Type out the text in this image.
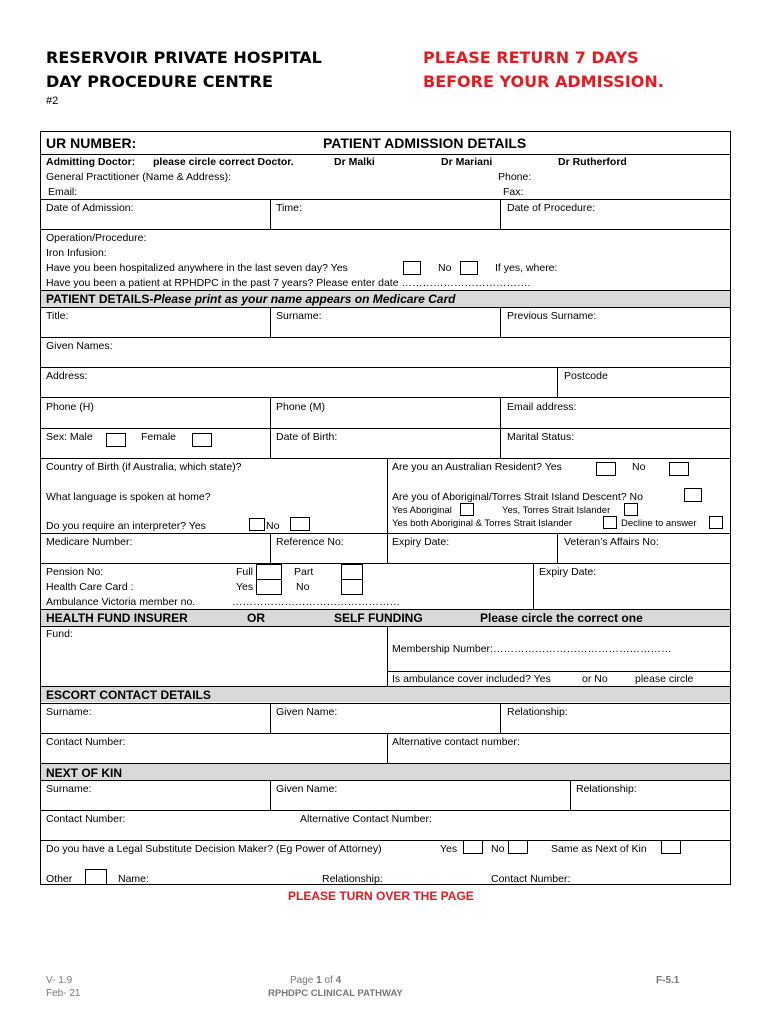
RESERVOIR PRIVATE HOSPITAL
DAY PROCEDURE CENTRE
#2
PLEASE RETURN 7 DAYS
BEFORE YOUR ADMISSION.
UR NUMBER:	PATIENT ADMISSION DETAILS
Admitting Doctor: please circle correct Doctor.	Dr Malki	Dr Mariani	Dr Rutherford
General Practitioner (Name & Address):	Phone:
Email:	Fax:
Date of Admission:	Time:	Date of Procedure:
Operation/Procedure:
Iron Infusion:
Have you been hospitalized anywhere in the last seven day? Yes	No	If yes, where:
Have you been a patient at RPHDPC in the past 7 years? Please enter date ……………………………….
PATIENT DETAILS-Please print as your name appears on Medicare Card
Title:	Surname:	Previous Surname:
Given Names:
Address:	Postcode
Phone (H)	Phone (M)	Email address:
Sex: Male	Female	Date of Birth:	Marital Status:
Country of Birth (if Australia, which state)?	Are you an Australian Resident? Yes	No
What language is spoken at home?	Are you of Aboriginal/Torres Strait Island Descent? No
Yes Aboriginal	Yes, Torres Strait Islander
Yes both Aboriginal & Torres Strait Islander	Decline to answer
Do you require an interpreter? Yes	No
Medicare Number:	Reference No:	Expiry Date:	Veteran’s Affairs No:
Pension No:	Full	Part	Expiry Date:
Health Care Card :	Yes	No
Ambulance Victoria member no.	…………………………………………
HEALTH FUND INSURER	OR	SELF FUNDING	Please circle the correct one
Fund:
Membership Number:……………………………………………
Is ambulance cover included? Yes	or No	please circle
ESCORT CONTACT DETAILS
Surname:	Given Name:	Relationship:
Contact Number:	Alternative contact number:
NEXT OF KIN
Surname:	Given Name:	Relationship:
Contact Number:	Alternative Contact Number:
Do you have a Legal Substitute Decision Maker? (Eg Power of Attorney)	Yes	No	Same as Next of Kin
Other	Name:	Relationship:	Contact Number:
PLEASE TURN OVER THE PAGE
V- 1.9
Feb- 21
Page 1 of 4
RPHDPC CLINICAL PATHWAY
F-5.1
